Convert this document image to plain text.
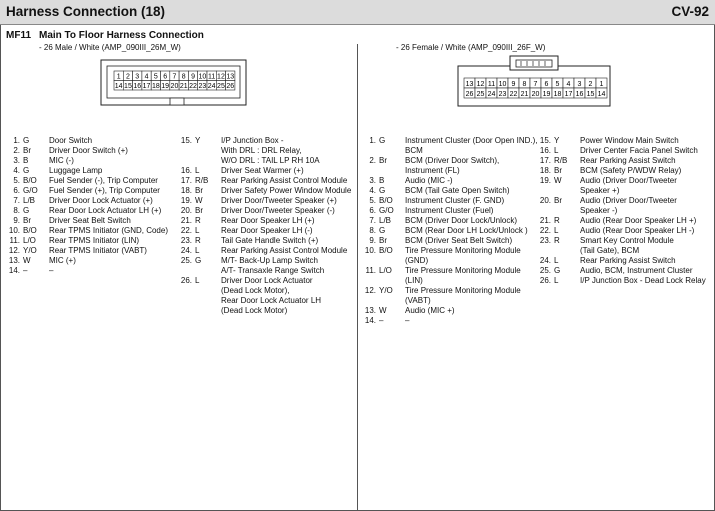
Harness Connection (18)	CV-92
MF11 Main To Floor Harness Connection
- 26 Male / White (AMP_090III_26M_W)	- 26 Female / White (AMP_090III_26F_W)
1 2 3 4 5 6 7 8 9 10 11 12 13
14 15 16 17 18 19 20 21 22 23 24 25 26	13 12 11 10 9 8 7 6 5 4 3 2 1
26 25 24 23 22 21 20 19 18 17 16 15 14
1. G Door Switch
2. Br Driver Door Switch (+)
3. B	MIC (-)
4. G Luggage Lamp
5. B/O Fuel Sender (-), Trip Computer
6. G/O Fuel Sender (+), Trip Computer
7. L/B Driver Door Lock Actuator (+)
8. G Rear Door Lock Actuator LH (+)
9. Br Driver Seat Belt Switch
10. B/O Rear TPMS Initiator (GND, Code)
11. L/O Rear TPMS Initiator (LIN)
12. Y/O Rear TPMS Initiator (VABT)
13. W MIC (+)
14. –	–
15. Y	I/P Junction Box -
With DRL : DRL Relay,
W/O DRL : TAIL LP RH 10A
16. L	Driver Seat Warmer (+)
17. R/B Rear Parking Assist Control Module
18. Br Driver Safety Power Window Module
19. W Driver Door/Tweeter Speaker (+)
20. Br Driver Door/Tweeter Speaker (-)
21. R	Rear Door Speaker LH (+)
22. L	Rear Door Speaker LH (-)
23. R	Tail Gate Handle Switch (+)
24. L	Rear Parking Assist Control Module
25. G M/T- Back-Up Lamp Switch
A/T- Transaxle Range Switch
26. L	Driver Door Lock Actuator
(Dead Lock Motor),
Rear Door Lock Actuator LH
(Dead Lock Motor)
1. G Instrument Cluster (Door Open IND.),
BCM
2. Br BCM (Driver Door Switch),
Instrument (FL)
3. B	Audio (MIC -)
4. G BCM (Tail Gate Open Switch)
5. B/O Instrument Cluster (F. GND)
6. G/O Instrument Cluster (Fuel)
7. L/B BCM (Driver Door Lock/Unlock)
8. G BCM (Rear Door LH Lock/Unlock )
9. Br BCM (Driver Seat Belt Switch)
10. B/O Tire Pressure Monitoring Module
(GND)
11. L/O Tire Pressure Monitoring Module
(LIN)
12. Y/O Tire Pressure Monitoring Module
(VABT)
13. W Audio (MIC +)
14. –	–
15. Y	Power Window Main Switch
16. L	Driver Center Facia Panel Switch
17. R/B Rear Parking Assist Switch
18. Br BCM (Safety P/WDW Relay)
19. W Audio (Driver Door/Tweeter
Speaker +)
20. Br Audio (Driver Door/Tweeter
Speaker -)
21. R	Audio (Rear Door Speaker LH +)
22. L	Audio (Rear Door Speaker LH -)
23. R	Smart Key Control Module
(Tail Gate), BCM
24. L	Rear Parking Assist Switch
25. G Audio, BCM, Instrument Cluster
26. L	I/P Junction Box - Dead Lock Relay
